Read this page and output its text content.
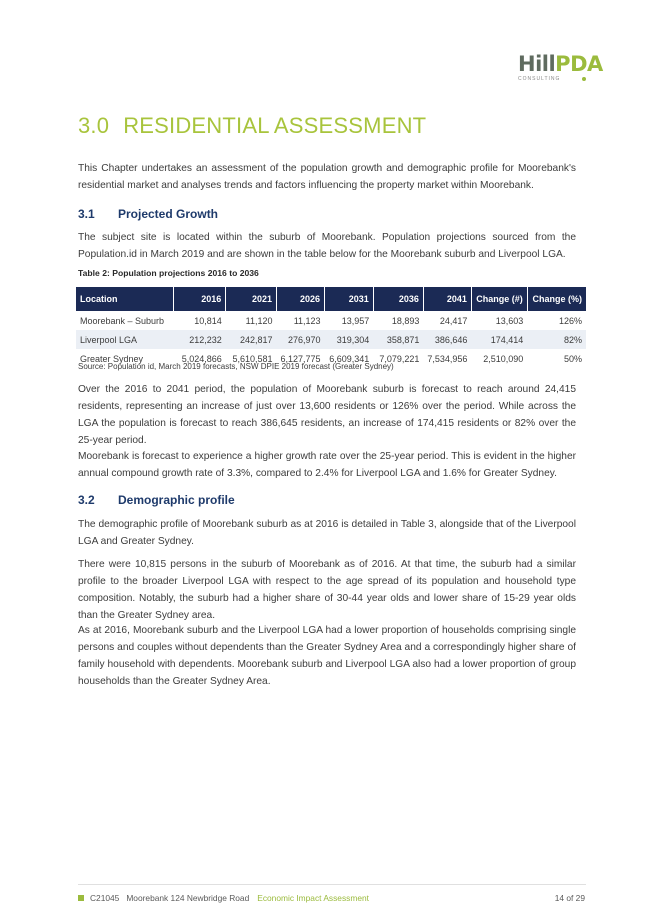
HillPDA
CONSULTING
3.0 RESIDENTIAL ASSESSMENT

This Chapter undertakes an assessment of the population growth and demographic profile for Moorebank's residential market and analyses trends and factors influencing the property market within Moorebank.

3.1 Projected Growth

The subject site is located within the suburb of Moorebank. Population projections sourced from the Population.id in March 2019 and are shown in the table below for the Moorebank suburb and Liverpool LGA.

Table 2: Population projections 2016 to 2036
Location	2016	2021	2026	2031	2036	2041	Change (#)	Change (%)
Moorebank – Suburb	10,814	11,120	11,123	13,957	18,893	24,417	13,603	126%
Liverpool LGA	212,232	242,817	276,970	319,304	358,871	386,646	174,414	82%
Greater Sydney	5,024,866	5,610,581	6,127,775	6,609,341	7,079,221	7,534,956	2,510,090	50%
Source: Population id, March 2019 forecasts, NSW DPIE 2019 forecast (Greater Sydney)

Over the 2016 to 2041 period, the population of Moorebank suburb is forecast to reach around 24,415 residents, representing an increase of just over 13,600 residents or 126% over the period. While across the LGA the population is forecast to reach 386,645 residents, an increase of 174,415 residents or 82% over the 25-year period.

Moorebank is forecast to experience a higher growth rate over the 25-year period. This is evident in the higher annual compound growth rate of 3.3%, compared to 2.4% for Liverpool LGA and 1.6% for Greater Sydney.

3.2 Demographic profile

The demographic profile of Moorebank suburb as at 2016 is detailed in Table 3, alongside that of the Liverpool LGA and Greater Sydney.

There were 10,815 persons in the suburb of Moorebank as of 2016. At that time, the suburb had a similar profile to the broader Liverpool LGA with respect to the age spread of its population and household type composition. Notably, the suburb had a higher share of 30-44 year olds and lower share of 15-29 year olds than the Greater Sydney area.

As at 2016, Moorebank suburb and the Liverpool LGA had a lower proportion of households comprising single persons and couples without dependents than the Greater Sydney Area and a correspondingly higher share of family household with dependents. Moorebank suburb and Liverpool LGA also had a lower proportion of group households than the Greater Sydney Area.

C21045 Moorebank 124 Newbridge Road Economic Impact Assessment	14 of 29
